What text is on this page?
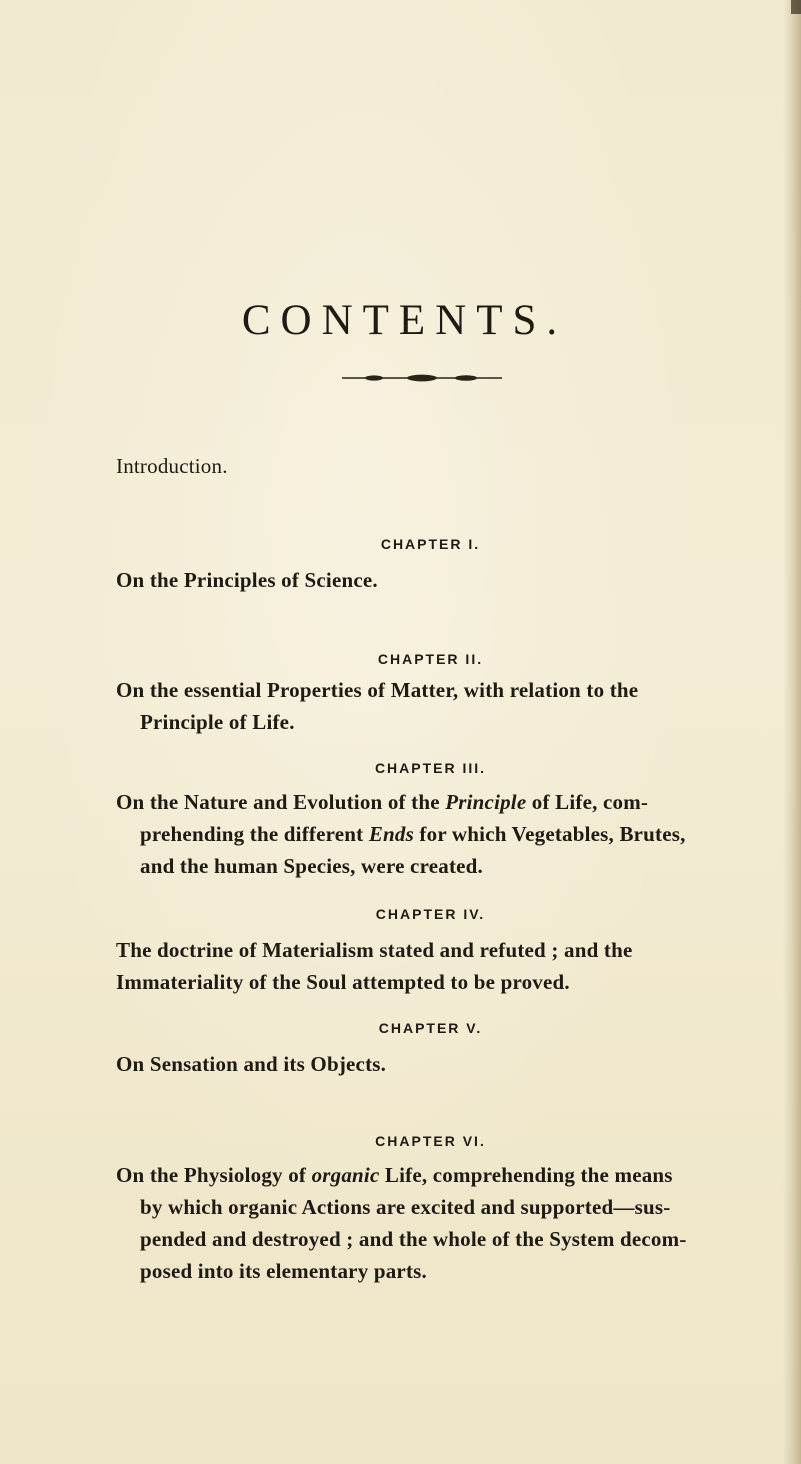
CONTENTS.

Introduction.

CHAPTER I.

On the Principles of Science.

CHAPTER II.

On the essential Properties of Matter, with relation to the
Principle of Life.

CHAPTER III.

On the Nature and Evolution of the Principle of Life, com-
prehending the different Ends for which Vegetables, Brutes,
and the human Species, were created.

CHAPTER IV.

The doctrine of Materialism stated and refuted ; and the
Immateriality of the Soul attempted to be proved.

CHAPTER V.

On Sensation and its Objects.

CHAPTER VI.

On the Physiology of organic Life, comprehending the means
by which organic Actions are excited and supported—sus-
pended and destroyed ; and the whole of the System decom-
posed into its elementary parts.
